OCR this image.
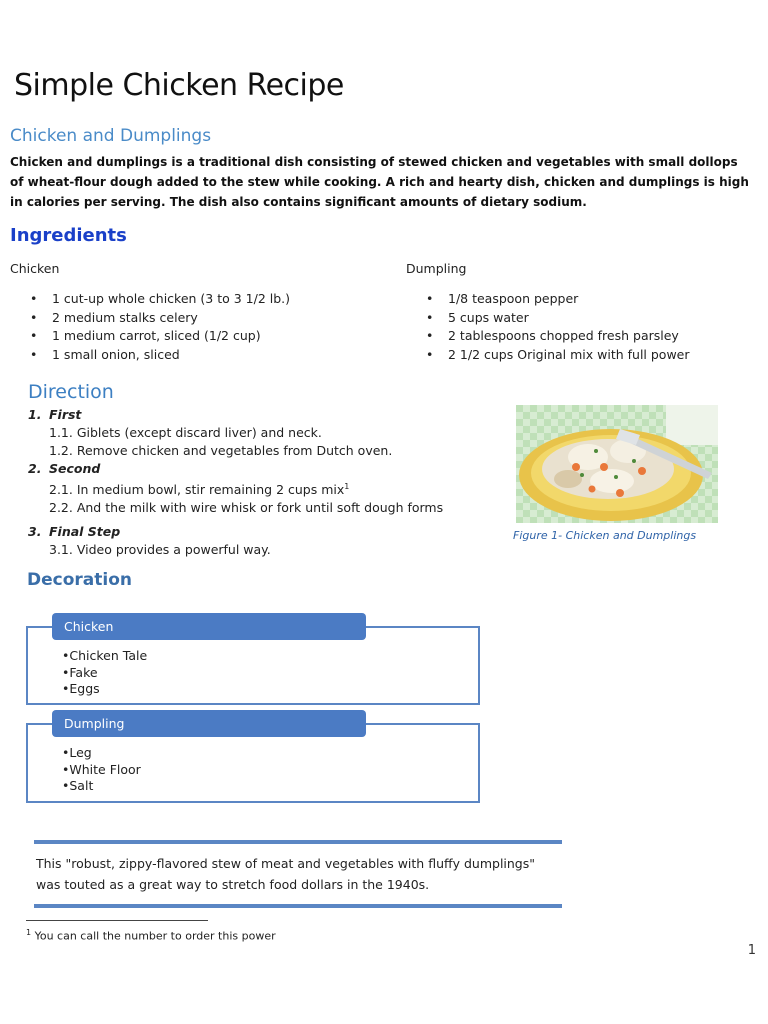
Simple Chicken Recipe
Chicken and Dumplings

Chicken and dumplings is a traditional dish consisting of stewed chicken and vegetables with small dollops of wheat-flour dough added to the stew while cooking. A rich and hearty dish, chicken and dumplings is high in calories per serving. The dish also contains significant amounts of dietary sodium.

Ingredients
Chicken
• 1 cut-up whole chicken (3 to 3 1/2 lb.)
• 2 medium stalks celery
• 1 medium carrot, sliced (1/2 cup)
• 1 small onion, sliced
Dumpling
• 1/8 teaspoon pepper
• 5 cups water
• 2 tablespoons chopped fresh parsley
• 2 1/2 cups Original mix with full power
Direction
1. First
1.1. Giblets (except discard liver) and neck.
1.2. Remove chicken and vegetables from Dutch oven.
2. Second
2.1. In medium bowl, stir remaining 2 cups mix$^1$
2.2. And the milk with wire whisk or fork until soft dough forms
3. Final Step
3.1. Video provides a powerful way.
Figure 1- Chicken and Dumplings
Decoration
Chicken
•Chicken Tale
•Fake
•Eggs
Dumpling
•Leg
•White Floor
•Salt

This "robust, zippy-flavored stew of meat and vegetables with fluffy dumplings" was touted as a great way to stretch food dollars in the 1940s.

$^1$ You can call the number to order this power
1
